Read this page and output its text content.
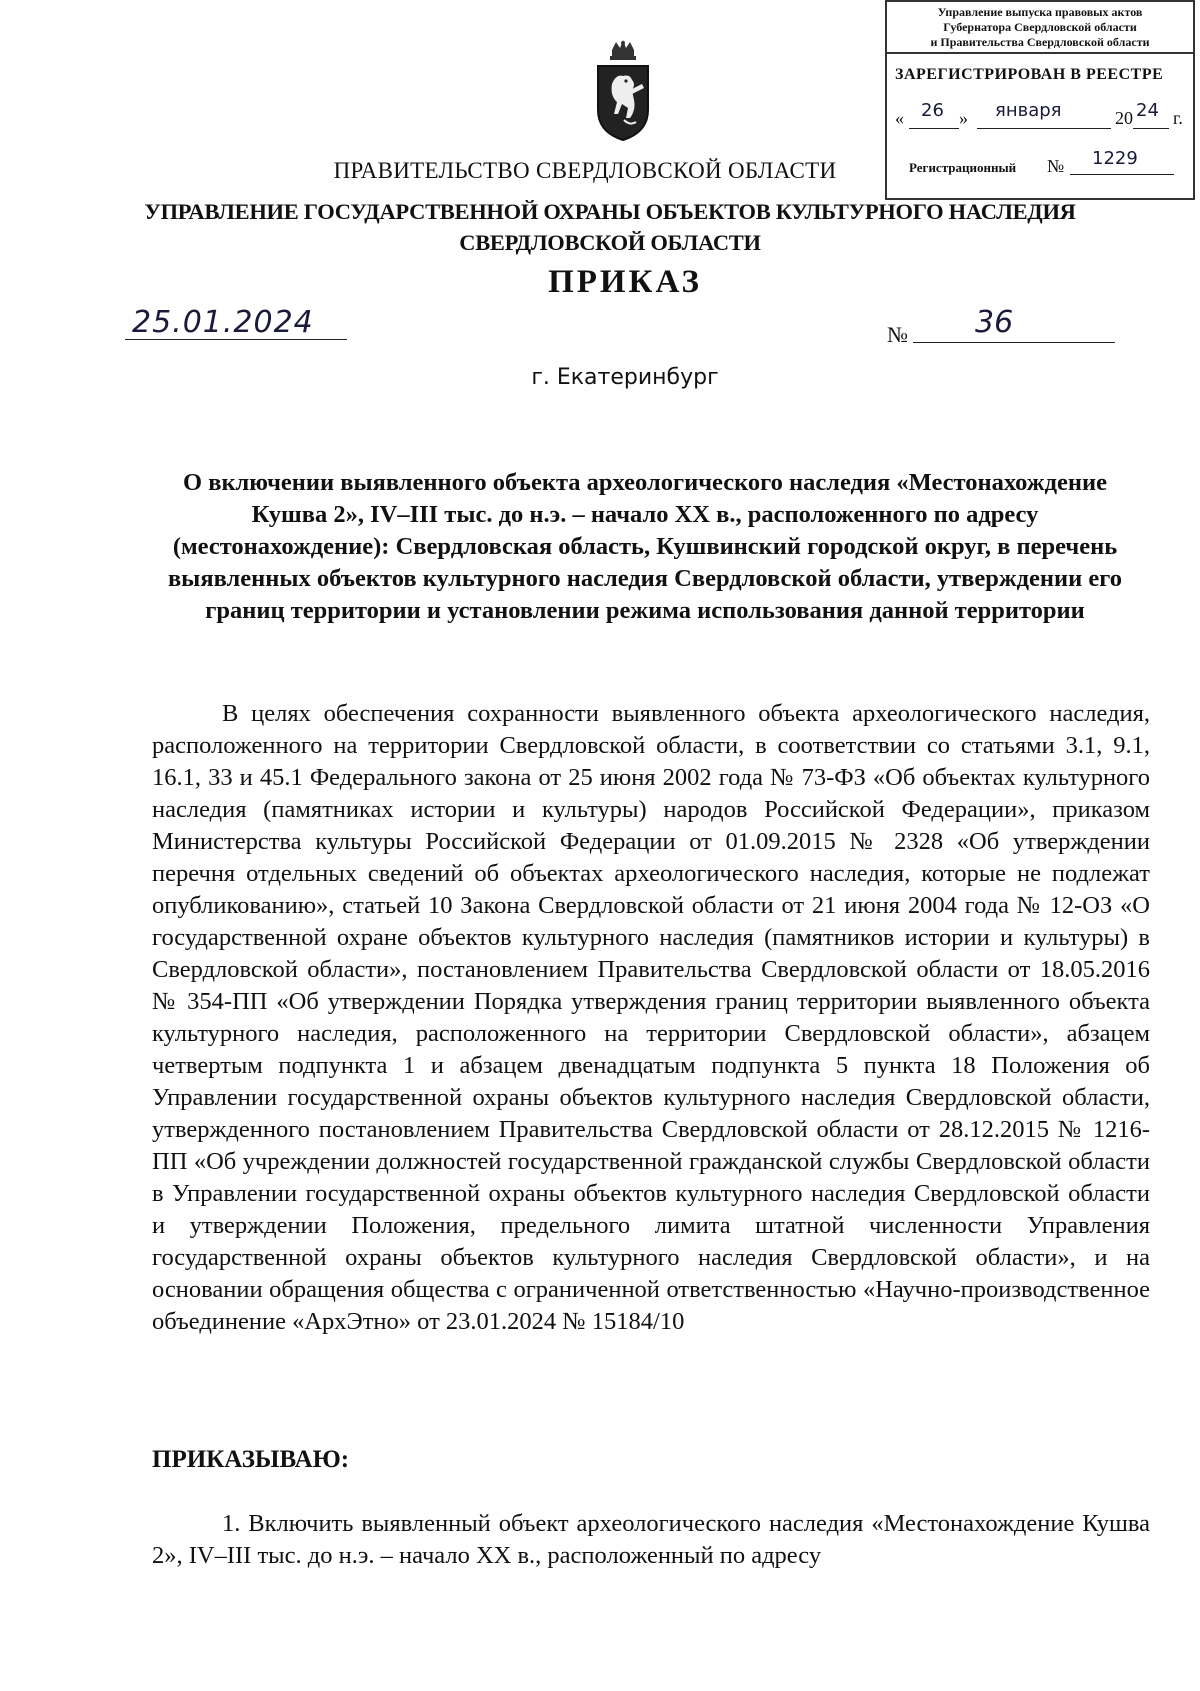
Управление выпуска правовых актов
Губернатора Свердловской области
и Правительства Свердловской области
ЗАРЕГИСТРИРОВАН В РЕЕСТРЕ
« 26 » января	20 24 г.
Регистрационный № 1229
ПРАВИТЕЛЬСТВО СВЕРДЛОВСКОЙ ОБЛАСТИ
УПРАВЛЕНИЕ ГОСУДАРСТВЕННОЙ ОХРАНЫ ОБЪЕКТОВ КУЛЬТУРНОГО НАСЛЕДИЯ
СВЕРДЛОВСКОЙ ОБЛАСТИ
ПРИКАЗ
25.01.2024	№ 36
г. Екатеринбург
О включении выявленного объекта археологического наследия «Местонахождение Кушва 2», IV–III тыс. до н.э. – начало XX в., расположенного по адресу (местонахождение): Свердловская область, Кушвинский городской округ, в перечень выявленных объектов культурного наследия Свердловской области, утверждении его границ территории и установлении режима использования данной территории

В целях обеспечения сохранности выявленного объекта археологического наследия, расположенного на территории Свердловской области, в соответствии со статьями 3.1, 9.1, 16.1, 33 и 45.1 Федерального закона от 25 июня 2002 года № 73-ФЗ «Об объектах культурного наследия (памятниках истории и культуры) народов Российской Федерации», приказом Министерства культуры Российской Федерации от 01.09.2015 № 2328 «Об утверждении перечня отдельных сведений об объектах археологического наследия, которые не подлежат опубликованию», статьей 10 Закона Свердловской области от 21 июня 2004 года № 12-ОЗ «О государственной охране объектов культурного наследия (памятников истории и культуры) в Свердловской области», постановлением Правительства Свердловской области от 18.05.2016 № 354-ПП «Об утверждении Порядка утверждения границ территории выявленного объекта культурного наследия, расположенного на территории Свердловской области», абзацем четвертым подпункта 1 и абзацем двенадцатым подпункта 5 пункта 18 Положения об Управлении государственной охраны объектов культурного наследия Свердловской области, утвержденного постановлением Правительства Свердловской области от 28.12.2015 № 1216-ПП «Об учреждении должностей государственной гражданской службы Свердловской области в Управлении государственной охраны объектов культурного наследия Свердловской области и утверждении Положения, предельного лимита штатной численности Управления государственной охраны объектов культурного наследия Свердловской области», и на основании обращения общества с ограниченной ответственностью «Научно-производственное объединение «АрхЭтно» от 23.01.2024 № 15184/10

ПРИКАЗЫВАЮ:

1. Включить выявленный объект археологического наследия «Местонахождение Кушва 2», IV–III тыс. до н.э. – начало XX в., расположенный по адресу
